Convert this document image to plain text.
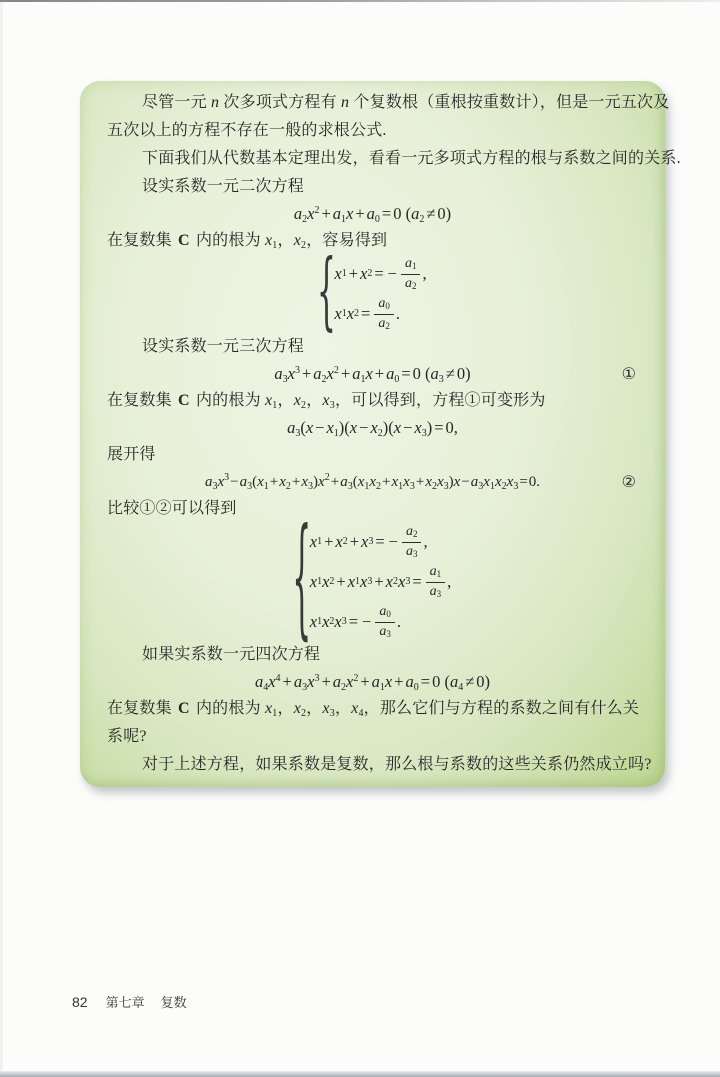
尽管一元 n 次多项式方程有 n 个复数根（重根按重数计），但是一元五次及
五次以上的方程不存在一般的求根公式.
下面我们从代数基本定理出发，看看一元多项式方程的根与系数之间的关系.
设实系数一元二次方程
$a_2x^2 + a_1x + a_0 = 0$ $(a_2 \ne 0)$
在复数集 C 内的根为 $x_1$，$x_2$，容易得到
{
x 1 + x 2 = − $\frac{a_1}{a_2}$ ,
x 1 x $2 = \frac{a_0}{a_2}$ .
设实系数一元三次方程
$a_3x^3 + a_2x^2 + a_1x + a_0 = 0$ $(a_3 \ne 0)$	①
在复数集 C 内的根为 $x_1$，$x_2$，$x_3$，可以得到，方程①可变形为
$a_3(x - x_1)(x - x_2)(x - x_3) = 0$,
展开得
$a_3x^3-a_3(x_1+x_2+x_3)x^2+a_3(x_1x_2+x_1x_3+x_2x_3)x-a_3x_1x_2x_3=0$.	②
比较①②可以得到	{
x 1 + x 2 + x 3 = − $\frac{a_2}{a_3}$ ,
x 1 x 2 + x 1 x 3 + x 2 x $3 = \frac{a_1}{a_3}$ ,
x 1 x 2 x 3 = − $\frac{a_0}{a_3}$ .
如果实系数一元四次方程
$a_4x^4 + a_3x^3 + a_2x^2 + a_1x + a_0 = 0$ $(a_4 \ne 0)$
在复数集 C 内的根为 $x_1$，$x_2$，$x_3$，$x_4$，那么它们与方程的系数之间有什么关
系呢?
对于上述方程，如果系数是复数，那么根与系数的这些关系仍然成立吗?
82 第七章 复数
